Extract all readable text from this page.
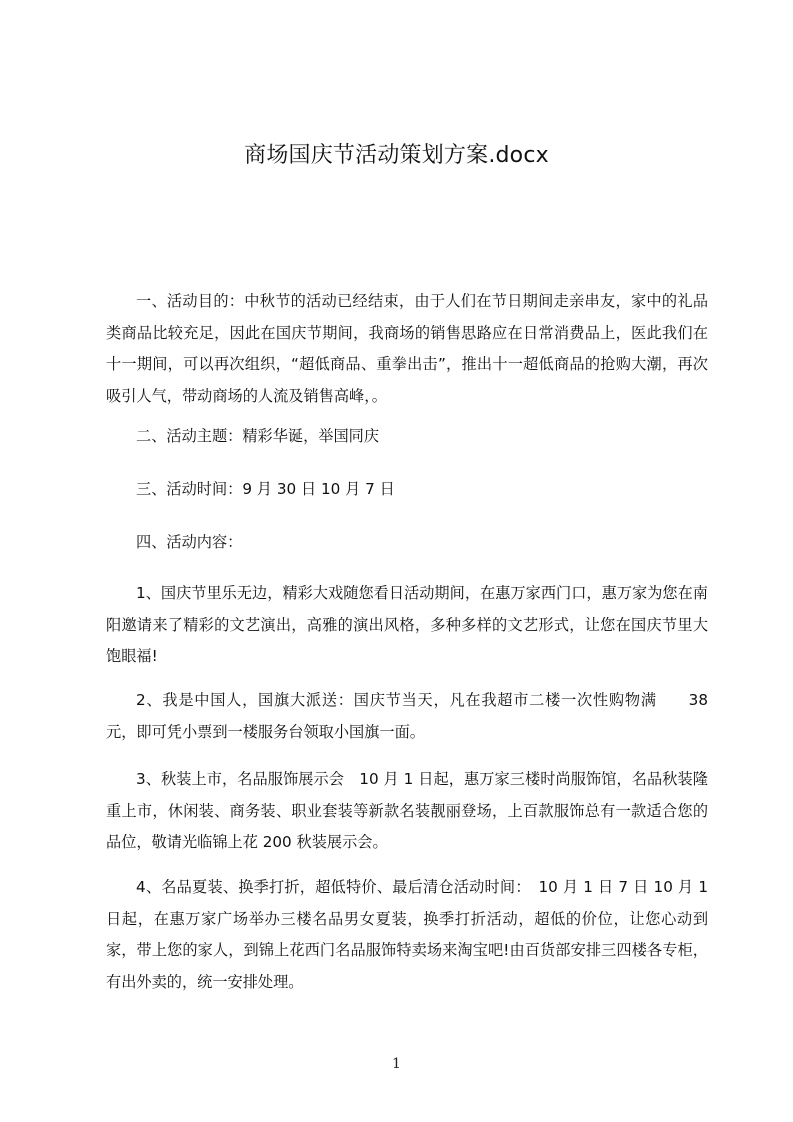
商场国庆节活动策划方案.docx

一、活动目的：中秋节的活动已经结束，由于人们在节日期间走亲串友，家中的礼品类商品比较充足，因此在国庆节期间，我商场的销售思路应在日常消费品上，医此我们在十一期间，可以再次组织，“超低商品、重拳出击”，推出十一超低商品的抢购大潮，再次吸引人气，带动商场的人流及销售高峰，。

二、活动主题：精彩华诞，举国同庆

三、活动时间：9 月 30 日 10 月 7 日

四、活动内容：

1、国庆节里乐无边，精彩大戏随您看日活动期间，在惠万家西门口，惠万家为您在南阳邀请来了精彩的文艺演出，高雅的演出风格，多种多样的文艺形式，让您在国庆节里大饱眼福!

2、我是中国人，国旗大派送：国庆节当天，凡在我超市二楼一次性购物满　　38 元，即可凭小票到一楼服务台领取小国旗一面。

3、秋装上市，名品服饰展示会　10 月 1 日起，惠万家三楼时尚服饰馆，名品秋装隆重上市，休闲装、商务装、职业套装等新款名装靓丽登场，上百款服饰总有一款适合您的品位，敬请光临锦上花 200 秋装展示会。

4、名品夏装、换季打折，超低特价、最后清仓活动时间：　10 月 1 日 7 日 10 月 1 日起，在惠万家广场举办三楼名品男女夏装，换季打折活动，超低的价位，让您心动到家，带上您的家人，到锦上花西门名品服饰特卖场来淘宝吧!由百货部安排三四楼各专柜，有出外卖的，统一安排处理。

1
